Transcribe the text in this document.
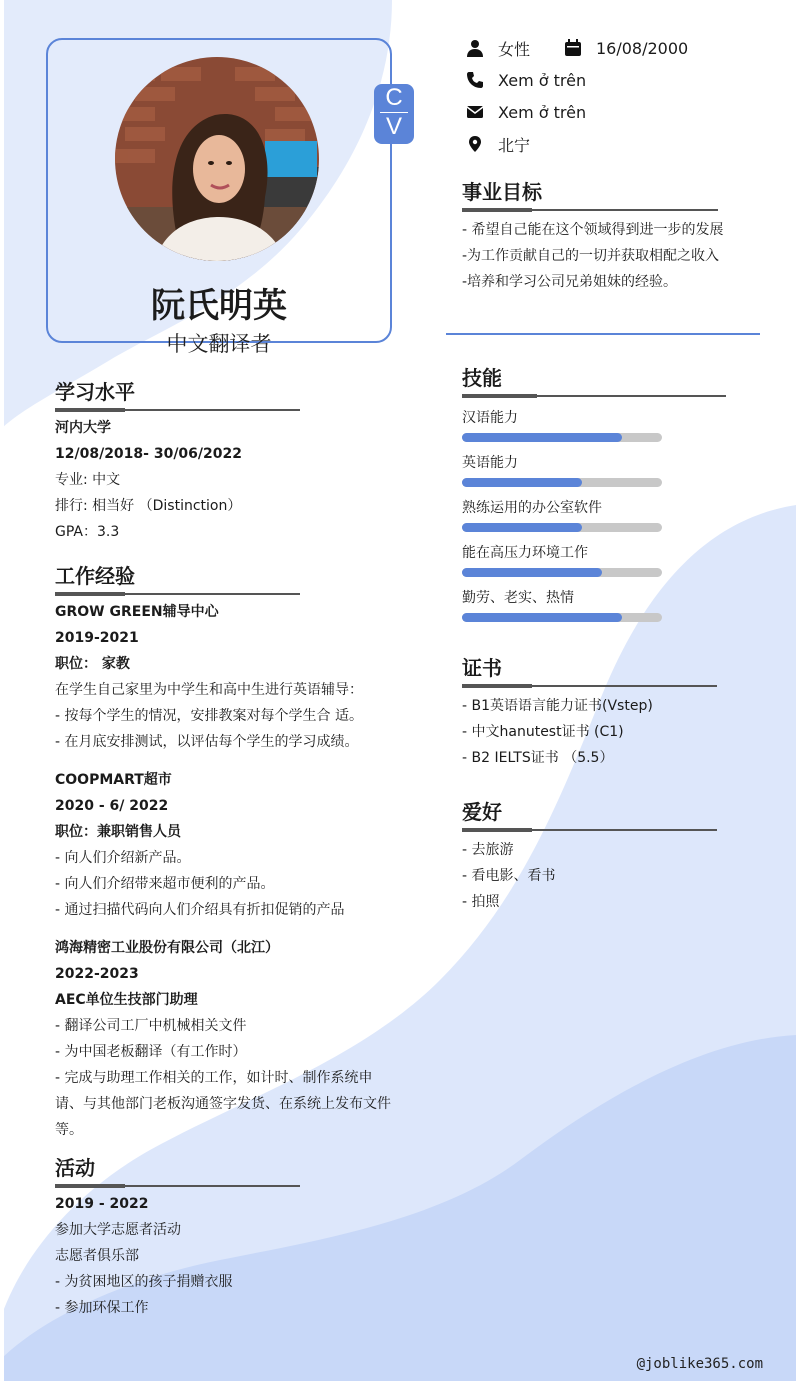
C
V
阮氏明英
中文翻译者
女性	16/08/2000
Xem ở trên
Xem ở trên
北宁
事业目标
- 希望自己能在这个领域得到进一步的发展
-为工作贡献自己的一切并获取相配之收入
-培养和学习公司兄弟姐妹的经验。
学习水平
河内大学
12/08/2018- 30/06/2022
专业: 中文
排行: 相当好 （Distinction）
GPA：3.3
工作经验
GROW GREEN辅导中心
2019-2021
职位： 家教
在学生自己家里为中学生和高中生进行英语辅导：
- 按每个学生的情况，安排教案对每个学生合 适。
- 在月底安排测试，以评估每个学生的学习成绩。
COOPMART超市
2020 - 6/ 2022
职位：兼职销售人员
- 向人们介绍新产品。
- 向人们介绍带来超市便利的产品。
- 通过扫描代码向人们介绍具有折扣促销的产品
鸿海精密工业股份有限公司（北江）
2022-2023
AEC单位生技部门助理
- 翻译公司工厂中机械相关文件
- 为中国老板翻译（有工作时）
- 完成与助理工作相关的工作，如计时、制作系统申
请、与其他部门老板沟通签字发货、在系统上发布文件
等。
活动
2019 - 2022
参加大学志愿者活动
志愿者俱乐部
- 为贫困地区的孩子捐赠衣服
- 参加环保工作
技能
汉语能力
英语能力
熟练运用的办公室软件
能在高压力环境工作
勤劳、老实、热情
证书
- B1英语语言能力证书(Vstep)
- 中文hanutest证书 (C1)
- B2 IELTS证书 （5.5）
爱好
- 去旅游
- 看电影、看书
- 拍照
@joblike365.com
